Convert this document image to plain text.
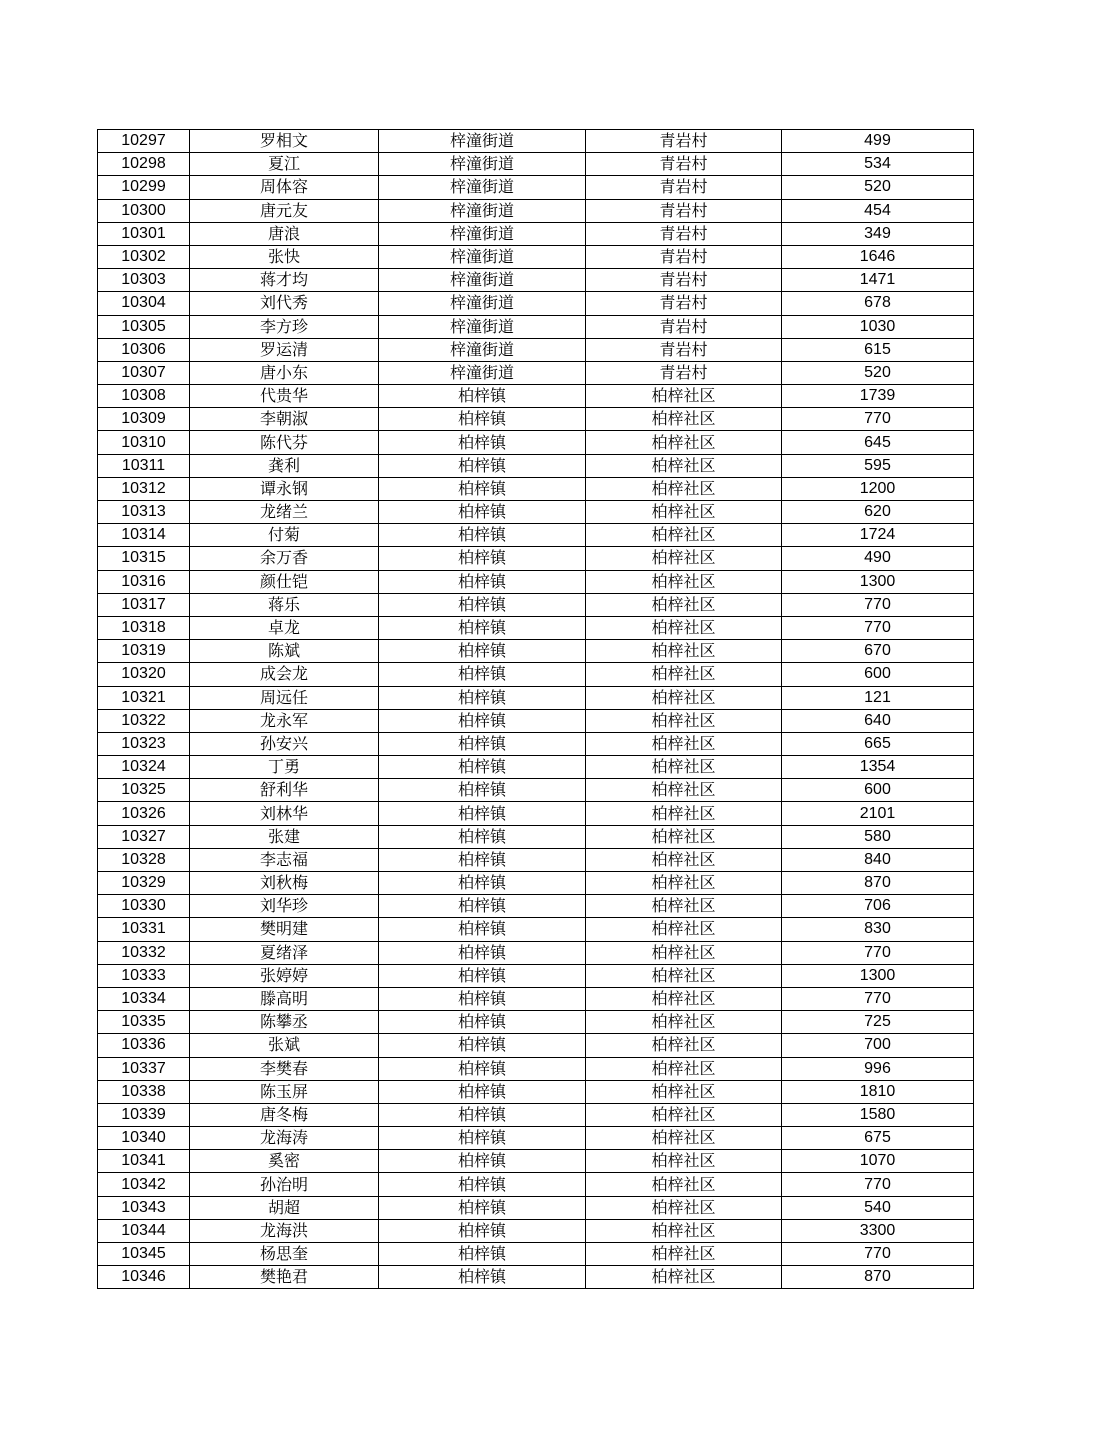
10297	罗相文	梓潼街道	青岩村	499
10298	夏江	梓潼街道	青岩村	534
10299	周体容	梓潼街道	青岩村	520
10300	唐元友	梓潼街道	青岩村	454
10301	唐浪	梓潼街道	青岩村	349
10302	张快	梓潼街道	青岩村	1646
10303	蒋才均	梓潼街道	青岩村	1471
10304	刘代秀	梓潼街道	青岩村	678
10305	李方珍	梓潼街道	青岩村	1030
10306	罗运清	梓潼街道	青岩村	615
10307	唐小东	梓潼街道	青岩村	520
10308	代贵华	柏梓镇	柏梓社区	1739
10309	李朝淑	柏梓镇	柏梓社区	770
10310	陈代芬	柏梓镇	柏梓社区	645
10311	龚利	柏梓镇	柏梓社区	595
10312	谭永钢	柏梓镇	柏梓社区	1200
10313	龙绪兰	柏梓镇	柏梓社区	620
10314	付菊	柏梓镇	柏梓社区	1724
10315	余万香	柏梓镇	柏梓社区	490
10316	颜仕铠	柏梓镇	柏梓社区	1300
10317	蒋乐	柏梓镇	柏梓社区	770
10318	卓龙	柏梓镇	柏梓社区	770
10319	陈斌	柏梓镇	柏梓社区	670
10320	成会龙	柏梓镇	柏梓社区	600
10321	周远任	柏梓镇	柏梓社区	121
10322	龙永军	柏梓镇	柏梓社区	640
10323	孙安兴	柏梓镇	柏梓社区	665
10324	丁勇	柏梓镇	柏梓社区	1354
10325	舒利华	柏梓镇	柏梓社区	600
10326	刘林华	柏梓镇	柏梓社区	2101
10327	张建	柏梓镇	柏梓社区	580
10328	李志福	柏梓镇	柏梓社区	840
10329	刘秋梅	柏梓镇	柏梓社区	870
10330	刘华珍	柏梓镇	柏梓社区	706
10331	樊明建	柏梓镇	柏梓社区	830
10332	夏绪泽	柏梓镇	柏梓社区	770
10333	张婷婷	柏梓镇	柏梓社区	1300
10334	滕高明	柏梓镇	柏梓社区	770
10335	陈攀丞	柏梓镇	柏梓社区	725
10336	张斌	柏梓镇	柏梓社区	700
10337	李樊春	柏梓镇	柏梓社区	996
10338	陈玉屏	柏梓镇	柏梓社区	1810
10339	唐冬梅	柏梓镇	柏梓社区	1580
10340	龙海涛	柏梓镇	柏梓社区	675
10341	奚密	柏梓镇	柏梓社区	1070
10342	孙治明	柏梓镇	柏梓社区	770
10343	胡超	柏梓镇	柏梓社区	540
10344	龙海洪	柏梓镇	柏梓社区	3300
10345	杨思奎	柏梓镇	柏梓社区	770
10346	樊艳君	柏梓镇	柏梓社区	870
